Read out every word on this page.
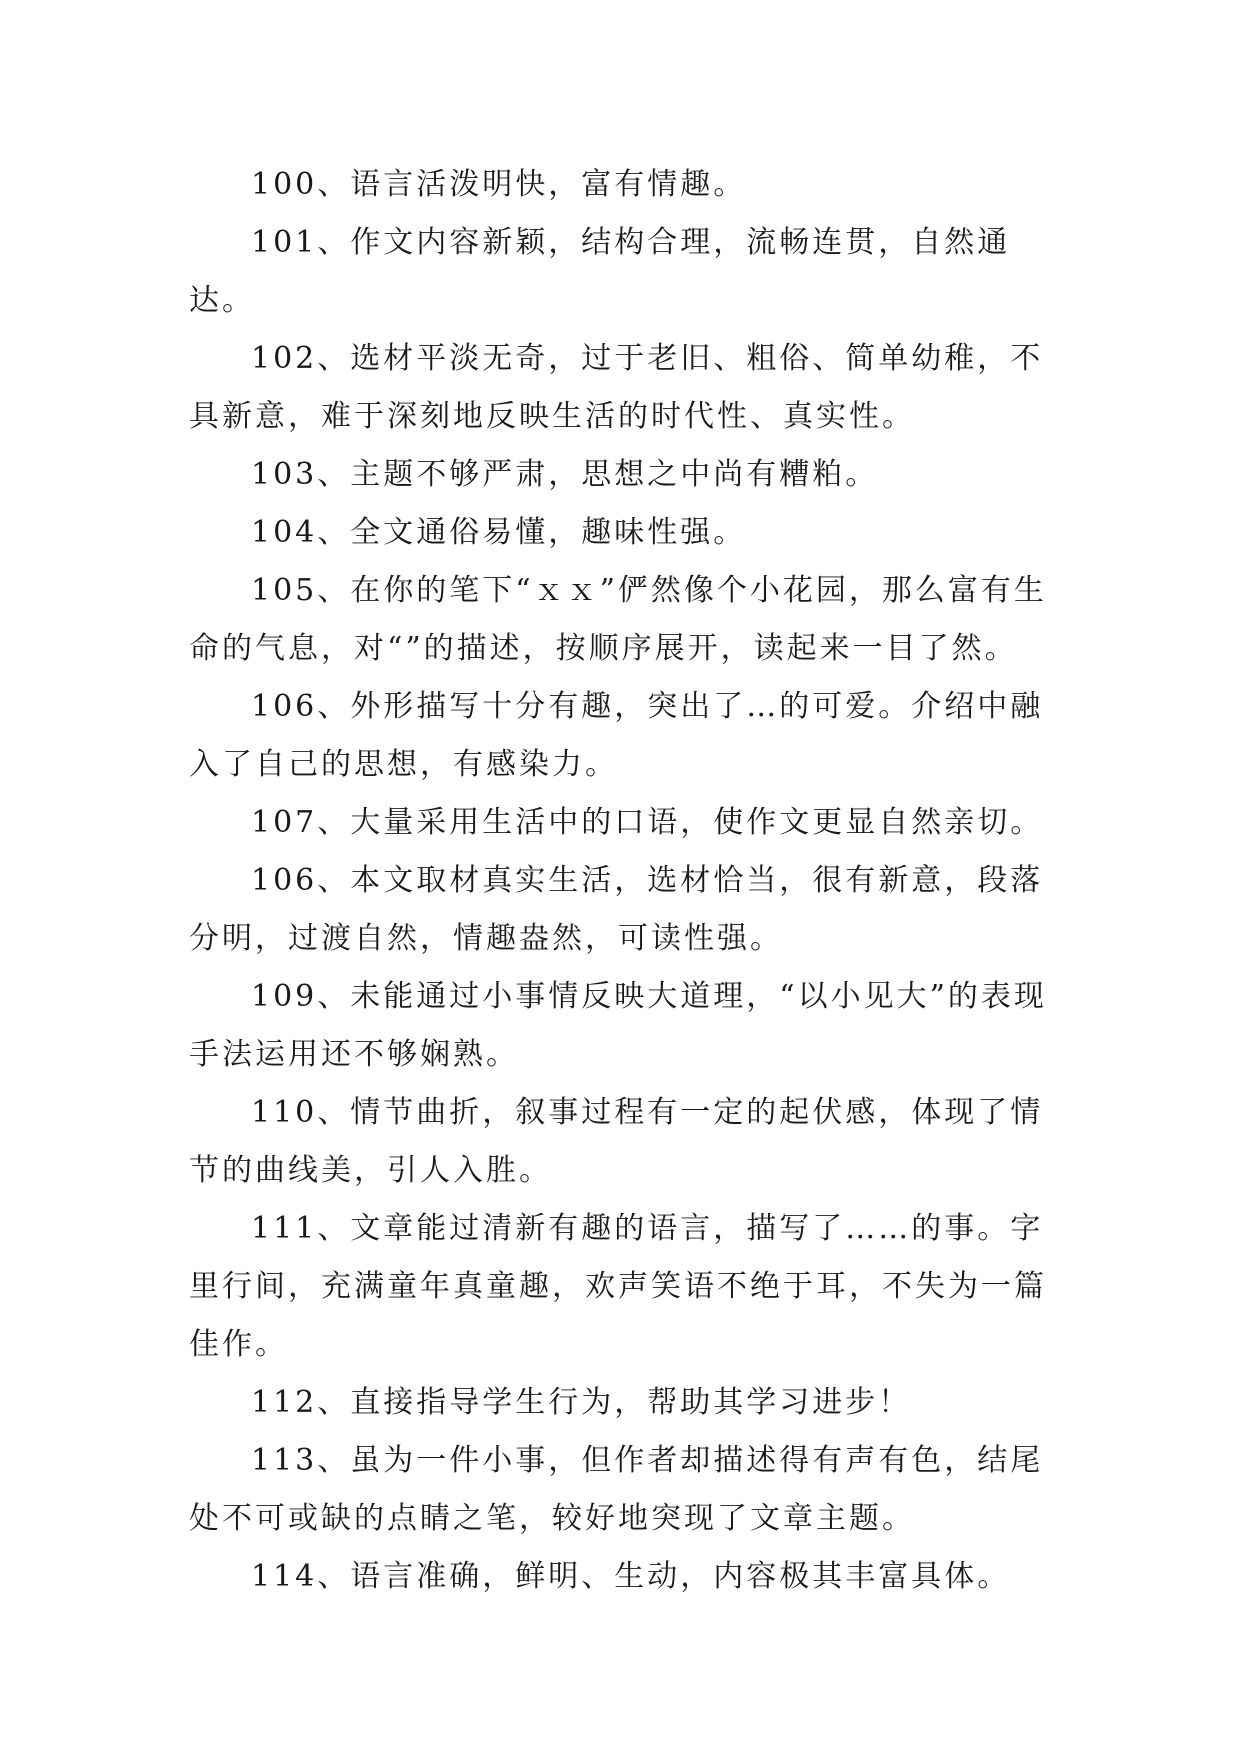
100、语言活泼明快，富有情趣。

101、作文内容新颖，结构合理，流畅连贯，自然通达。

102、选材平淡无奇，过于老旧、粗俗、简单幼稚，不具新意，难于深刻地反映生活的时代性、真实性。

103、主题不够严肃，思想之中尚有糟粕。

104、全文通俗易懂，趣味性强。

105、在你的笔下“ｘｘ”俨然像个小花园，那么富有生命的气息，对“”的描述，按顺序展开，读起来一目了然。

106、外形描写十分有趣，突出了…的可爱。介绍中融入了自己的思想，有感染力。

107、大量采用生活中的口语，使作文更显自然亲切。

106、本文取材真实生活，选材恰当，很有新意，段落分明，过渡自然，情趣盎然，可读性强。

109、未能通过小事情反映大道理，“以小见大”的表现手法运用还不够娴熟。

110、情节曲折，叙事过程有一定的起伏感，体现了情节的曲线美，引人入胜。

111、文章能过清新有趣的语言，描写了……的事。字里行间，充满童年真童趣，欢声笑语不绝于耳，不失为一篇佳作。

112、直接指导学生行为，帮助其学习进步！

113、虽为一件小事，但作者却描述得有声有色，结尾处不可或缺的点睛之笔，较好地突现了文章主题。

114、语言准确，鲜明、生动，内容极其丰富具体。
